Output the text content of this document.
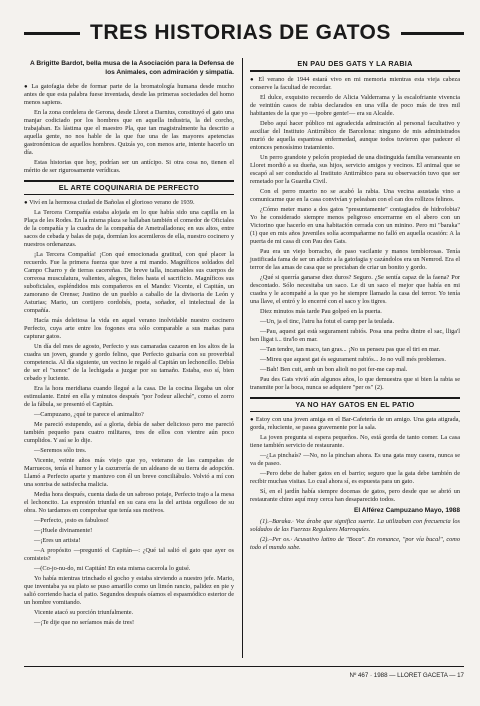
TRES HISTORIAS DE GATOS
A Brigitte Bardot, bella musa de la Asociación para la Defensa de los Animales, con admiración y simpatía.

● La gatofagia debe de formar parte de la bromatología humana desde mucho antes de que esta palabra fuese inventada, desde las primeras sociedades del homo menos sapiens.

En la zona cordelera de Gerona, desde Lloret a Darnius, constituyó el gato una manjar codiciado por los hombres que en aquella industria, la del corcho, trabajaban. Es lástima que el maestro Pla, que tan magistralmente ha descrito a aquella gente, no nos hable de la que fue una de las mayores apetencias gastronómicas de aquellos hombres. Quizás yo, con menos arte, intente hacerlo un día.

Estas historias que hoy, podrían ser un antícipo. Si otra cosa no, tienen el mérito de ser rigurosamente verídicas.

EL ARTE COQUINARIA DE PERFECTO

● Viví en la hermosa ciudad de Bañolas el glorioso verano de 1939.

La Tercera Compañía estaba alojada en lo que había sido una capilla en la Plaça de les Rodes. En la misma plaza se hallaban también el comedor de Oficiales de la compañía y la cuadra de la compañía de Ametralladoras; en sus altos, entre sacos de cebada y balas de paja, dormían los acemileros de ella, nuestro cocinero y nuestros ordenanzas.

¡La Tercera Compañía! ¡Con qué emocionada gratitud, con qué placer la recuerdo. Fue la primera fuerza que tuve a mi mando. Magníficos soldados del Campo Charro y de tierras cacereñas. De breve talla, incansables sus cuerpos de correosa musculatura, valientes, alegres, fieles hasta el sacrificio. Magníficos sus suboficiales, espléndidos mis compañeros en el Mando: Vicente, el Capitán, un zamorano de Orense; Justino de un pueblo a caballo de la divisoria de León y Asturias; Mario, un cortijero cordobés, poeta, soñador, el intelectual de la compañía.

Hacía más deleitosa la vida en aquel verano inolvidable nuestro cocinero Perfecto, cuya arte entre los fogones era sólo comparable a sus mañas para capturar gatos.

Un día del mes de agosto, Perfecto y sus camaradas cazaron en los altos de la cuadra un joven, grande y gordo felino, que Perfecto guisaría con su proverbial competencia. Al día siguiente, un vecino le regaló al Capitán un lechoncillo. Debía de ser el "xenoc" de la lechigada a juzgar por su tamaño. Estaba, eso sí, bien cebado y luciente.

Era la hora meridiana cuando llegué a la casa. De la cocina llegaba un olor estimulante. Entré en ella y minutos después "por l'odeur alleché", como el zorro de la fábula, se presentó el Capitán.

—Campuzano, ¿qué te parece el animalito?

Me pareció estupendo, así a gloria, debía de saber delicioso pero me pareció también pequeño para cuatro militares, tres de ellos con vientre aún poco cumplidos. Y así se lo dije.

—Seremos sólo tres.

Vicente, veinte años más viejo que yo, veterano de las campañas de Marruecos, tenía el humor y la cazurrería de un aldeano de su tierra de adopción. Llamó a Perfecto aparte y mantuvo con él un breve conciliábulo. Volvió a mí con una sonrisa de satisfecha malicia.

Media hora después, cuenta dada de un sabroso potaje, Perfecto trajo a la mesa el lechoncito. La expresión triunfal en su cara era la del artista orgulloso de su obra. No tardamos en comprobar que tenía sus motivos.

—Perfecto, ¡esto es fabuloso!

—¡Huele divinamente!

—¡Eres un artista!

—A propósito —preguntó el Capitán—: ¿Qué tal salió el gato que ayer os comisteis?

—(Co-jo-nu-do, mi Capitán! En esta misma cacerola lo guisé.

Yo había mientras trinchado el gocho y estaba sirviendo a nuestro jefe. Mario, que inventaba ya su plato se puso amarillo como un limón rancio, palidez en pie y salió corriendo hacia el patio. Segundos después oíamos el espasmódico estertor de un hombre vomitando.

Vicente atacó su porción triunfalmente.

—¡Te dije que no seríamos más de tres!

EN PAU DES GATS Y LA RABIA

● El verano de 1944 estará vivo en mi memoria mientras esta vieja cabeza conserve la facultad de recordar.

El dulce, exquisito recuerdo de Alicia Valderrama y la escalofriante vivencia de veintiún casos de rabia declarados en una villa de poco más de tres mil habitantes de la que yo —ipobre gente!— era su Alcalde.

Debo aquí hacer público mi agradecida admiración al personal facultativo y auxiliar del Instituto Antirrábico de Barcelona: ninguno de mis administrados murió de aquella espantosa enfermedad, aunque todos tuvieron que padecer el entonces penosísimo tratamiento.

Un perro grandote y pelcón propiedad de una distinguida familia veraneante en Lloret mordió a su dueña, sus hijos, servicio amigos y vecinos. El animal que se escapó al ser conducido al Instituto Antirrábico para su observación tuvo que ser remetado por la Guardia Civil.

Con el perro muerto no se acabó la rabia. Una vecina asustada vino a comunicarme que en la casa convivían y peleaban con el can dos rollizos felinos.

¿Cómo meter mano a dos gatos "presuntamente" contagiados de hidrofobia? Yo he considerado siempre menos peligroso encerrarme en el abero con un Victorino que hacerlo en una habitación cerrada con un minino. Pero mi "baraka" (1) que en mis años juveniles solía acompañarme no falló en aquella ocasión: A la puerta de mi casa di con Pau des Gats.

Pau era un viejo borracho, de paso vacilante y manos temblorosas. Tenía justificada fama de ser un adicto a la gatofagia y cazándolos era un Nemrod. Era el terror de las amas de casa que se preciaban de criar un bonito y gordo.

¿Qué si querría ganarse diez duros? Seguro. ¿Se sentía capaz de la faena? Por descontado. Sólo necesitaba un saco. Le di un saco el mejor que había en mi cuadra y le acompañé a la que yo he siempre llamado la casa del terror. Yo tenía una llave, el entró y lo encerré con el saco y los tigres.

Diez minutos más tarde Pau golpeó en la puerta.

—Un, ja el tinc, l'atru ha fotut el camp per la teulada.

—Pau, aquest gat està segurament rabiós. Posa una pedra dintre el sac, lliga'l ben lligat i... tira'lo en mar.

—Tan tendre, tan maco, tan gras... ¡No us penseu pas que el tiri en mar.

—Mireu que aquest gat és segurament rabiós... Jo no vull més problemes.

—Bah! Ben cuit, amb un bon alioli no pot fer-me cap mal.

Pau des Gats vivió aún algunos años, lo que demuestra que si bien la rabia se transmite por la boca, nunca se adquiere "per os" (2).

YA NO HAY GATOS EN EL PATIO

● Estoy con una joven amiga en el Bar-Cafetería de un amigo. Una gata atigrada, gorda, reluciente, se pasea gravemente por la sala.

La joven pregunta si espera pequeños. No, está gorda de tanto comer. La casa tiene también servicio de restaurante.

—¿La pinchaís? —No, no la pinchan ahora. Es una gata muy casera, nunca se va de paseo.

—Pero debe de haber gatos en el barrio; seguro que la gata debe también de recibir muchas visitas. Lo cual ahora sí, es espuesta para un gato.

Sí, en el jardín había siempre docenas de gatos, pero desde que se abrió un restaurante chino aquí muy cerca han desaparecido todos.

El Alférez Campuzano Mayo, 1988

(1).–Baraka.· Voz árabe que significa suerte. La utilizaban con frecuencia los soldados de las Fuerzas Regulares Marroquíes.

(2).–Per os.· Acusativo latino de "Boca". En romance, "por vía bucal", como todo el mundo sabe.

Nº 467 · 1988 — LLORET GACETA — 17
